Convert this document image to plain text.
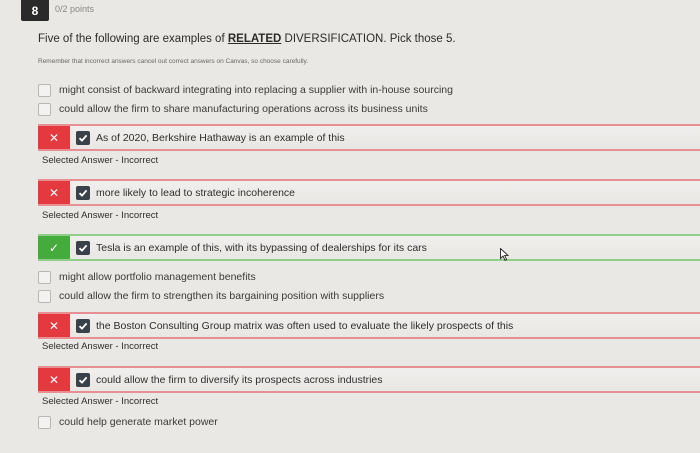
8	0/2 points
Five of the following are examples of RELATED DIVERSIFICATION. Pick those 5.
Remember that incorrect answers cancel out correct answers on Canvas, so choose carefully.
might consist of backward integrating into replacing a supplier with in-house sourcing
could allow the firm to share manufacturing operations across its business units
✕	As of 2020, Berkshire Hathaway is an example of this
Selected Answer - Incorrect
✕	more likely to lead to strategic incoherence
Selected Answer - Incorrect
✓	Tesla is an example of this, with its bypassing of dealerships for its cars
might allow portfolio management benefits
could allow the firm to strengthen its bargaining position with suppliers
✕	the Boston Consulting Group matrix was often used to evaluate the likely prospects of this
Selected Answer - Incorrect
✕	could allow the firm to diversify its prospects across industries
Selected Answer - Incorrect
could help generate market power
